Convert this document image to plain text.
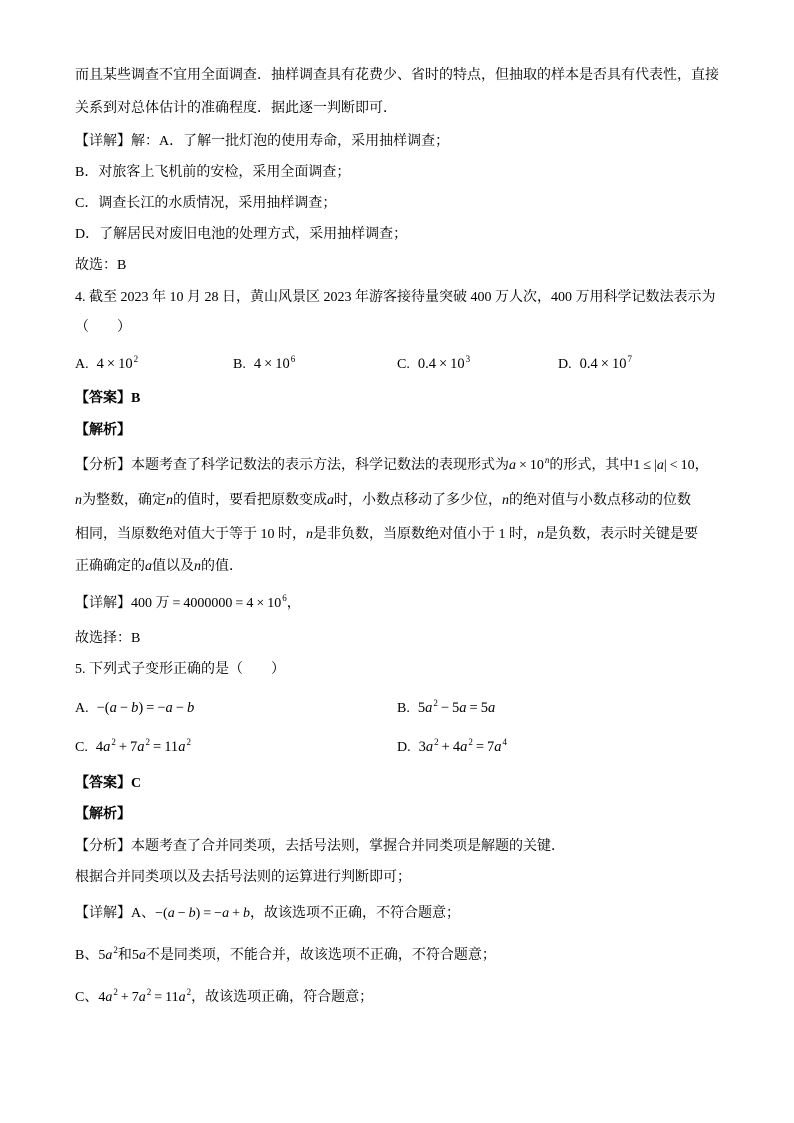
而且某些调查不宜用全面调查．抽样调查具有花费少、省时的特点，但抽取的样本是否具有代表性，直接
关系到对总体估计的准确程度．据此逐一判断即可．
【详解】解：A．了解一批灯泡的使用寿命，采用抽样调查；
B．对旅客上飞机前的安检，采用全面调查；
C．调查长江的水质情况，采用抽样调查；
D．了解居民对废旧电池的处理方式，采用抽样调查；
故选：B
4. 截至 2023 年 10 月 28 日，黄山风景区 2023 年游客接待量突破 400 万人次，400 万用科学记数法表示为
（　　）
A. $4 \times 10^2$	B. $4 \times 10^6$	C. $0.4 \times 10^3$	D. $0.4 \times 10^7$
【答案】B
【解析】
【分析】本题考查了科学记数法的表示方法，科学记数法的表现形式为$a \times 10^n$的形式，其中1 ≤ |a| < 10，
n为整数，确定n的值时，要看把原数变成a时，小数点移动了多少位，n的绝对值与小数点移动的位数
相同，当原数绝对值大于等于 10 时，n是非负数，当原数绝对值小于 1 时，n是负数，表示时关键是要
正确确定的a值以及n的值．
【详解】400 万 = $4000000 = 4 \times 10^6$，
故选择：B
5. 下列式子变形正确的是（　　）
A. −(a − b) = −a − b	B. $5a^2 - 5a = 5a$
C. $4a^2 + 7a^2 = 11a^2$	D. $3a^2 + 4a^2 = 7a^4$
【答案】C
【解析】
【分析】本题考查了合并同类项，去括号法则，掌握合并同类项是解题的关键．
根据合并同类项以及去括号法则的运算进行判断即可；
【详解】A、−(a − b) = −a + b，故该选项不正确，不符合题意；
B、$5a^2$和5a不是同类项，不能合并，故该选项不正确，不符合题意；
C、$4a^2 + 7a^2 = 11a^2$，故该选项正确，符合题意；
